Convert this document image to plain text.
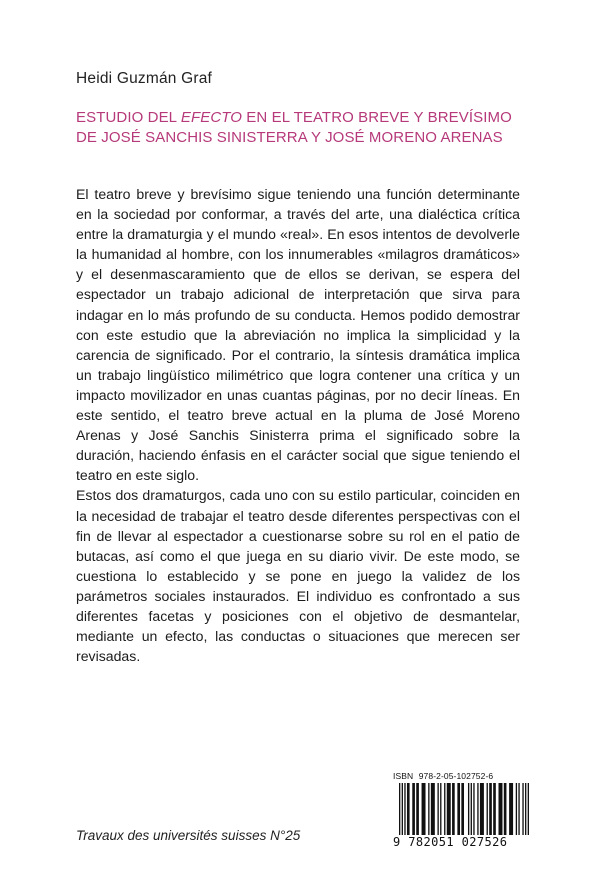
Heidi Guzmán Graf
ESTUDIO DEL EFECTO EN EL TEATRO BREVE Y BREVÍSIMO DE JOSÉ SANCHIS SINISTERRA Y JOSÉ MORENO ARENAS

El teatro breve y brevísimo sigue teniendo una función determinante en la sociedad por conformar, a través del arte, una dialéctica crítica entre la dramaturgia y el mundo «real». En esos intentos de devolverle la humanidad al hombre, con los innumerables «milagros dramáticos» y el desenmascaramiento que de ellos se derivan, se espera del espectador un trabajo adicional de interpretación que sirva para indagar en lo más profundo de su conducta. Hemos podido demostrar con este estudio que la abreviación no implica la simplicidad y la carencia de significado. Por el contrario, la síntesis dramática implica un trabajo lingüístico milimétrico que logra contener una crítica y un impacto movilizador en unas cuantas páginas, por no decir líneas. En este sentido, el teatro breve actual en la pluma de José Moreno Arenas y José Sanchis Sinisterra prima el significado sobre la duración, haciendo énfasis en el carácter social que sigue teniendo el teatro en este siglo.

Estos dos dramaturgos, cada uno con su estilo particular, coinciden en la necesidad de trabajar el teatro desde diferentes perspectivas con el fin de llevar al espectador a cuestionarse sobre su rol en el patio de butacas, así como el que juega en su diario vivir. De este modo, se cuestiona lo establecido y se pone en juego la validez de los parámetros sociales instaurados. El individuo es confrontado a sus diferentes facetas y posiciones con el objetivo de desmantelar, mediante un efecto, las conductas o situaciones que merecen ser revisadas.

Travaux des universités suisses N°25
ISBN 978-2-05-102752-6
9 782051 027526
